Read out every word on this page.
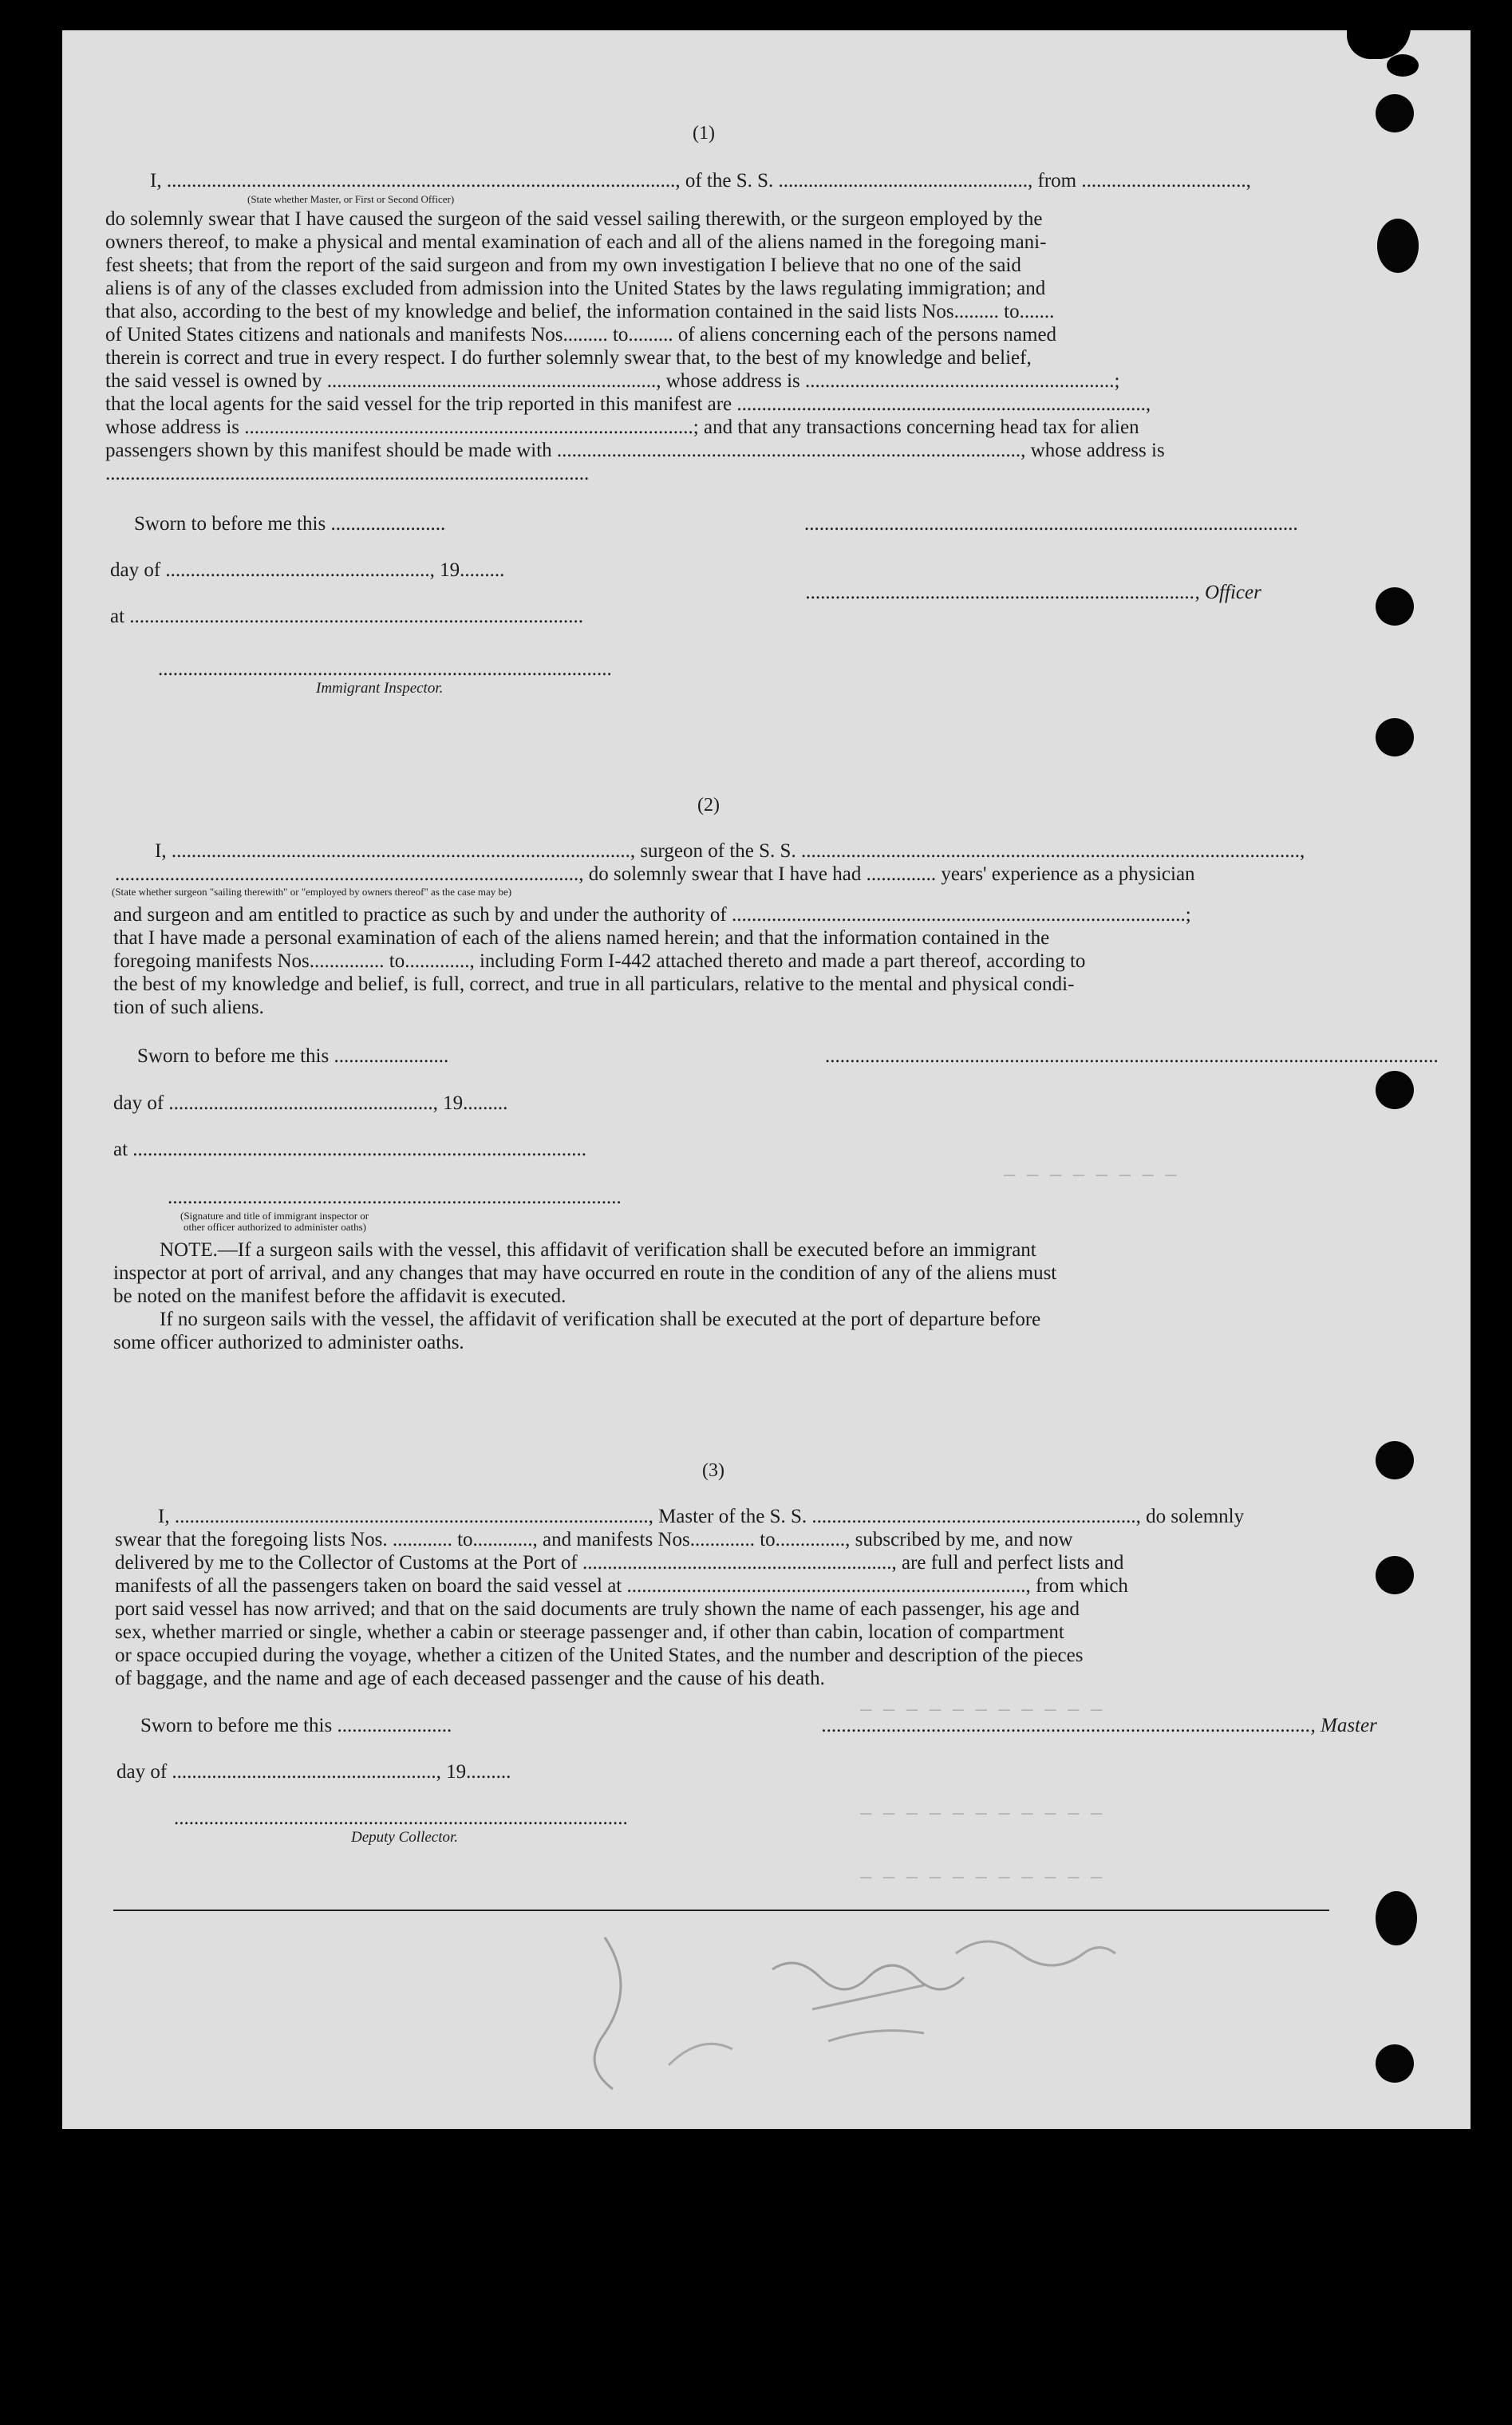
— — — — — — — —
— — — — — — — — — — —
— — — — — — — — — — —
— — — — — — — — — — —
(1)
I, ......................................................................................................, of the S. S. .................................................., from .................................,
(State whether Master, or First or Second Officer)
do solemnly swear that I have caused the surgeon of the said vessel sailing therewith, or the surgeon employed by the
owners thereof, to make a physical and mental examination of each and all of the aliens named in the foregoing mani-
fest sheets; that from the report of the said surgeon and from my own investigation I believe that no one of the said
aliens is of any of the classes excluded from admission into the United States by the laws regulating immigration; and
that also, according to the best of my knowledge and belief, the information contained in the said lists Nos......... to.......
of United States citizens and nationals and manifests Nos......... to......... of aliens concerning each of the persons named
therein is correct and true in every respect. I do further solemnly swear that, to the best of my knowledge and belief,
the said vessel is owned by .................................................................., whose address is ..............................................................;
that the local agents for the said vessel for the trip reported in this manifest are ..................................................................................,
whose address is ..........................................................................................; and that any transactions concerning head tax for alien
passengers shown by this manifest should be made with ............................................................................................., whose address is
.................................................................................................
Sworn to before me this .......................	...................................................................................................
day of ....................................................., 19.........
.............................................................................., Officer
at ...........................................................................................
...........................................................................................
Immigrant Inspector.
(2)
I, ............................................................................................, surgeon of the S. S. ....................................................................................................,
............................................................................................., do solemnly swear that I have had .............. years' experience as a physician
(State whether surgeon "sailing therewith" or "employed by owners thereof" as the case may be)
and surgeon and am entitled to practice as such by and under the authority of ...........................................................................................;
that I have made a personal examination of each of the aliens named herein; and that the information contained in the
foregoing manifests Nos............... to............., including Form I-442 attached thereto and made a part thereof, according to
the best of my knowledge and belief, is full, correct, and true in all particulars, relative to the mental and physical condi-
tion of such aliens.
Sworn to before me this .......................	...........................................................................................................................
day of ....................................................., 19.........
at ...........................................................................................
...........................................................................................
(Signature and title of immigrant inspector or
other officer authorized to administer oaths)
NOTE.—If a surgeon sails with the vessel, this affidavit of verification shall be executed before an immigrant
inspector at port of arrival, and any changes that may have occurred en route in the condition of any of the aliens must
be noted on the manifest before the affidavit is executed.
If no surgeon sails with the vessel, the affidavit of verification shall be executed at the port of departure before
some officer authorized to administer oaths.
(3)
I, ..............................................................................................., Master of the S. S. ................................................................., do solemnly
swear that the foregoing lists Nos. ............ to............, and manifests Nos............. to.............., subscribed by me, and now
delivered by me to the Collector of Customs at the Port of .............................................................., are full and perfect lists and
manifests of all the passengers taken on board the said vessel at ................................................................................, from which
port said vessel has now arrived; and that on the said documents are truly shown the name of each passenger, his age and
sex, whether married or single, whether a cabin or steerage passenger and, if other than cabin, location of compartment
or space occupied during the voyage, whether a citizen of the United States, and the number and description of the pieces
of baggage, and the name and age of each deceased passenger and the cause of his death.
Sworn to before me this .......................	.................................................................................................., Master
day of ....................................................., 19.........
...........................................................................................
Deputy Collector.
